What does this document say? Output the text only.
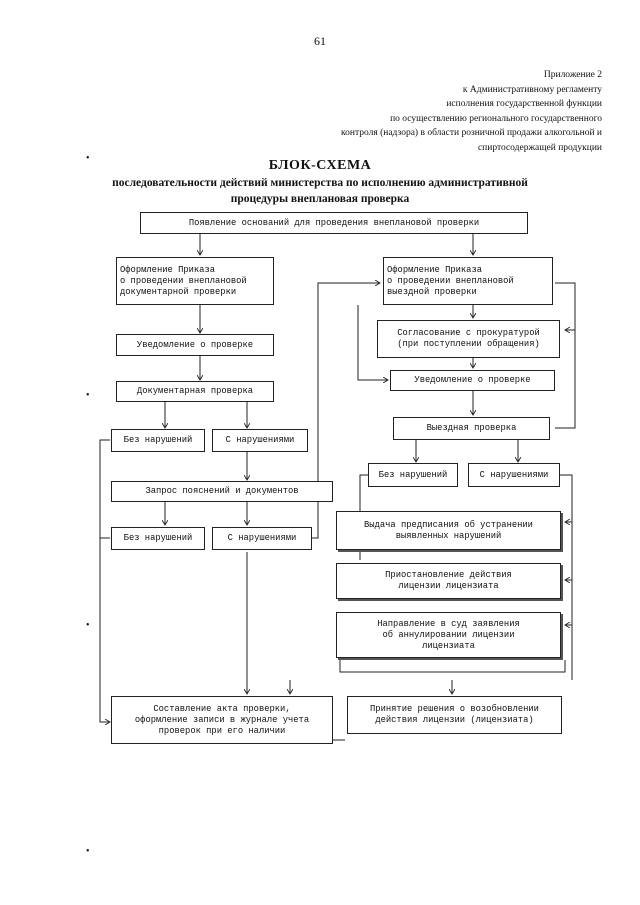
61
Приложение 2
к Административному регламенту
исполнения государственной функции
по осуществлению регионального государственного
контроля (надзора) в области розничной продажи алкогольной и
спиртосодержащей продукции
БЛОК-СХЕМА
последовательности действий министерства по исполнению административной
процедуры внеплановая проверка
Появление оснований для проведения внеплановой проверки
Оформление Приказа
о проведении внеплановой
документарной проверки
Оформление Приказа
о проведении внеплановой
выездной проверки
Уведомление о проверке
Согласование с прокуратурой
(при поступлении обращения)
Уведомление о проверке
Документарная проверка
Выездная проверка
Без нарушений	С нарушениями
Без нарушений	С нарушениями
Запрос пояснений и документов
Без нарушений	С нарушениями
Выдача предписания об устранении
выявленных нарушений
Приостановление действия
лицензии лицензиата
Направление в суд заявления
об аннулировании лицензии
лицензиата
Составление акта проверки,
оформление записи в журнале учета
проверок при его наличии
Принятие решения о возобновлении
действия лицензии (лицензиата)
•
•
•
•
